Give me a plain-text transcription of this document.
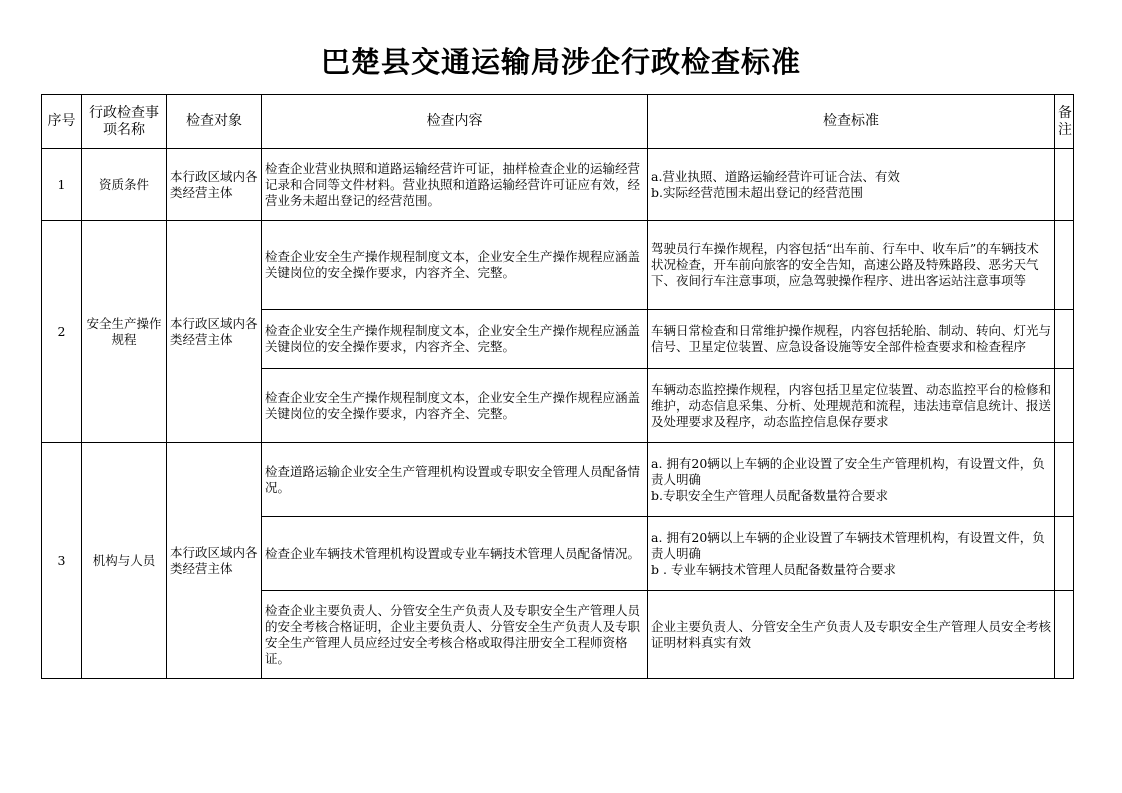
巴楚县交通运输局涉企行政检查标准
序号	行政检查事项名称	检查对象	检查内容	检查标准	备注
1	资质条件	本行政区域内各类经营主体	检查企业营业执照和道路运输经营许可证，抽样检查企业的运输经营记录和合同等文件材料。营业执照和道路运输经营许可证应有效，经营业务未超出登记的经营范围。	a.营业执照、道路运输经营许可证合法、有效
b.实际经营范围未超出登记的经营范围	

2	安全生产操作规程	本行政区域内各类经营主体	检查企业安全生产操作规程制度文本，企业安全生产操作规程应涵盖关键岗位的安全操作要求，内容齐全、完整。	驾驶员行车操作规程，内容包括“出车前、行车中、收车后”的车辆技术状况检查，开车前向旅客的安全告知，高速公路及特殊路段、恶劣天气下、夜间行车注意事项，应急驾驶操作程序、进出客运站注意事项等	
			检查企业安全生产操作规程制度文本，企业安全生产操作规程应涵盖关键岗位的安全操作要求，内容齐全、完整。	车辆日常检查和日常维护操作规程，内容包括轮胎、制动、转向、灯光与信号、卫星定位装置、应急设备设施等安全部件检查要求和检查程序	
			检查企业安全生产操作规程制度文本，企业安全生产操作规程应涵盖关键岗位的安全操作要求，内容齐全、完整。	车辆动态监控操作规程，内容包括卫星定位装置、动态监控平台的检修和维护，动态信息采集、分析、处理规范和流程，违法违章信息统计、报送及处理要求及程序，动态监控信息保存要求	
3	机构与人员	本行政区域内各类经营主体	检查道路运输企业安全生产管理机构设置或专职安全管理人员配备情况。	a. 拥有20辆以上车辆的企业设置了安全生产管理机构，有设置文件，负责人明确
b.专职安全生产管理人员配备数量符合要求	

			检查企业车辆技术管理机构设置或专业车辆技术管理人员配备情况。	a. 拥有20辆以上车辆的企业设置了车辆技术管理机构，有设置文件，负责人明确
b . 专业车辆技术管理人员配备数量符合要求	

			检查企业主要负责人、分管安全生产负责人及专职安全生产管理人员的安全考核合格证明，企业主要负责人、分管安全生产负责人及专职安全生产管理人员应经过安全考核合格或取得注册安全工程师资格证。	企业主要负责人、分管安全生产负责人及专职安全生产管理人员安全考核证明材料真实有效	
